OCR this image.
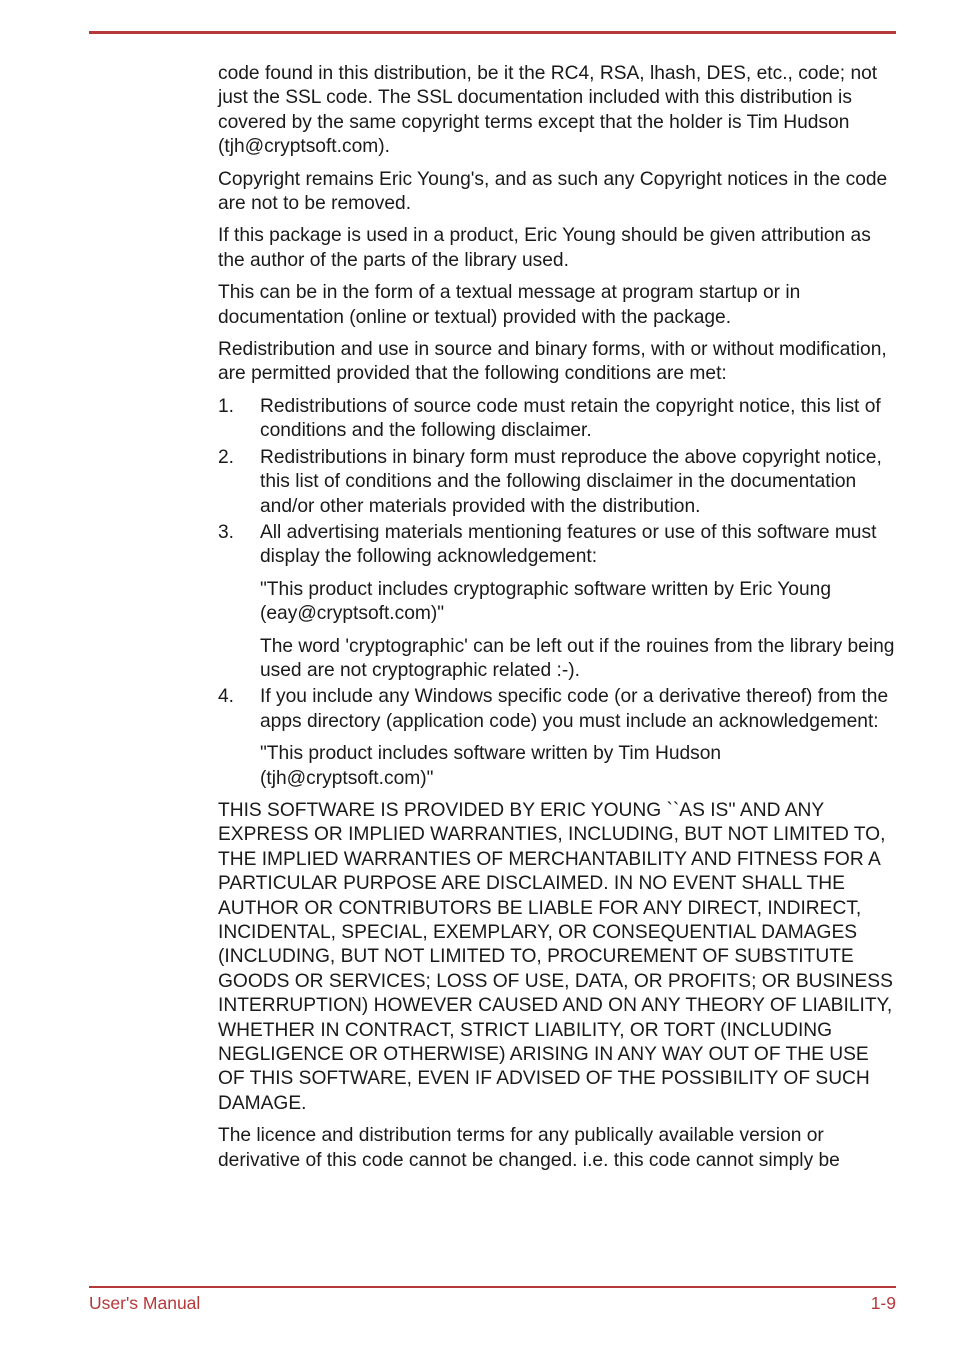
code found in this distribution, be it the RC4, RSA, lhash, DES, etc., code; not just the SSL code. The SSL documentation included with this distribution is covered by the same copyright terms except that the holder is Tim Hudson (tjh@cryptsoft.com).

Copyright remains Eric Young's, and as such any Copyright notices in the code are not to be removed.

If this package is used in a product, Eric Young should be given attribution as the author of the parts of the library used.

This can be in the form of a textual message at program startup or in documentation (online or textual) provided with the package.

Redistribution and use in source and binary forms, with or without modification, are permitted provided that the following conditions are met:

1. Redistributions of source code must retain the copyright notice, this list of conditions and the following disclaimer.
2. Redistributions in binary form must reproduce the above copyright notice, this list of conditions and the following disclaimer in the documentation and/or other materials provided with the distribution.
3. All advertising materials mentioning features or use of this software must display the following acknowledgement:
"This product includes cryptographic software written by Eric Young (eay@cryptsoft.com)"
The word 'cryptographic' can be left out if the rouines from the library being used are not cryptographic related :-).
4. If you include any Windows specific code (or a derivative thereof) from the apps directory (application code) you must include an acknowledgement:
"This product includes software written by Tim Hudson (tjh@cryptsoft.com)"

THIS SOFTWARE IS PROVIDED BY ERIC YOUNG ``AS IS'' AND ANY EXPRESS OR IMPLIED WARRANTIES, INCLUDING, BUT NOT LIMITED TO, THE IMPLIED WARRANTIES OF MERCHANTABILITY AND FITNESS FOR A PARTICULAR PURPOSE ARE DISCLAIMED. IN NO EVENT SHALL THE AUTHOR OR CONTRIBUTORS BE LIABLE FOR ANY DIRECT, INDIRECT, INCIDENTAL, SPECIAL, EXEMPLARY, OR CONSEQUENTIAL DAMAGES (INCLUDING, BUT NOT LIMITED TO, PROCUREMENT OF SUBSTITUTE GOODS OR SERVICES; LOSS OF USE, DATA, OR PROFITS; OR BUSINESS INTERRUPTION) HOWEVER CAUSED AND ON ANY THEORY OF LIABILITY, WHETHER IN CONTRACT, STRICT LIABILITY, OR TORT (INCLUDING NEGLIGENCE OR OTHERWISE) ARISING IN ANY WAY OUT OF THE USE OF THIS SOFTWARE, EVEN IF ADVISED OF THE POSSIBILITY OF SUCH DAMAGE.

The licence and distribution terms for any publically available version or derivative of this code cannot be changed. i.e. this code cannot simply be

User's Manual	1-9
